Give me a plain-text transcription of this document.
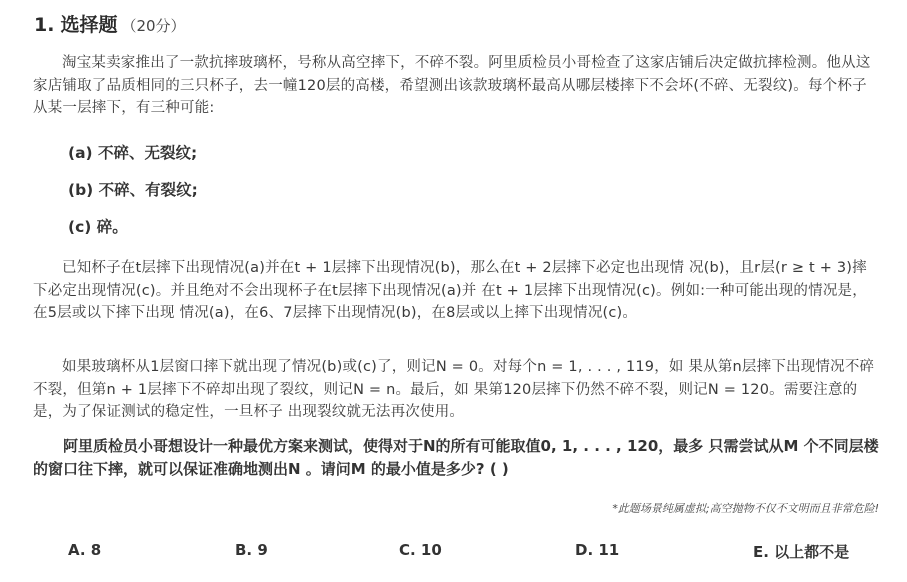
1. 选择题 （20分）

淘宝某卖家推出了一款抗摔玻璃杯，号称从高空摔下，不碎不裂。阿里质检员小哥检查了这家店铺后决定做抗摔检测。他从这家店铺取了品质相同的三只杯子，去一幢120层的高楼，希望测出该款玻璃杯最高从哪层楼摔下不会坏(不碎、无裂纹)。每个杯子从某一层摔下，有三种可能:

(a) 不碎、无裂纹;
(b) 不碎、有裂纹;
(c) 碎。

已知杯子在t层摔下出现情况(a)并在t + 1层摔下出现情况(b)，那么在t + 2层摔下必定也出现情 况(b)，且r层(r ≥ t + 3)摔下必定出现情况(c)。并且绝对不会出现杯子在t层摔下出现情况(a)并 在t + 1层摔下出现情况(c)。例如:一种可能出现的情况是，在5层或以下摔下出现 情况(a)，在6、7层摔下出现情况(b)，在8层或以上摔下出现情况(c)。

如果玻璃杯从1层窗口摔下就出现了情况(b)或(c)了，则记N = 0。对每个n = 1, . . . , 119，如 果从第n层摔下出现情况不碎不裂，但第n + 1层摔下不碎却出现了裂纹，则记N = n。最后，如 果第120层摔下仍然不碎不裂，则记N = 120。需要注意的是，为了保证测试的稳定性，一旦杯子 出现裂纹就无法再次使用。

阿里质检员小哥想设计一种最优方案来测试，使得对于N的所有可能取值0, 1, . . . , 120，最多 只需尝试从M 个不同层楼的窗口往下摔，就可以保证准确地测出N 。请问M 的最小值是多少? ( )

*此题场景纯属虚拟;高空抛物不仅不文明而且非常危险!
A. 8	B. 9	C. 10	D. 11	E. 以上都不是
